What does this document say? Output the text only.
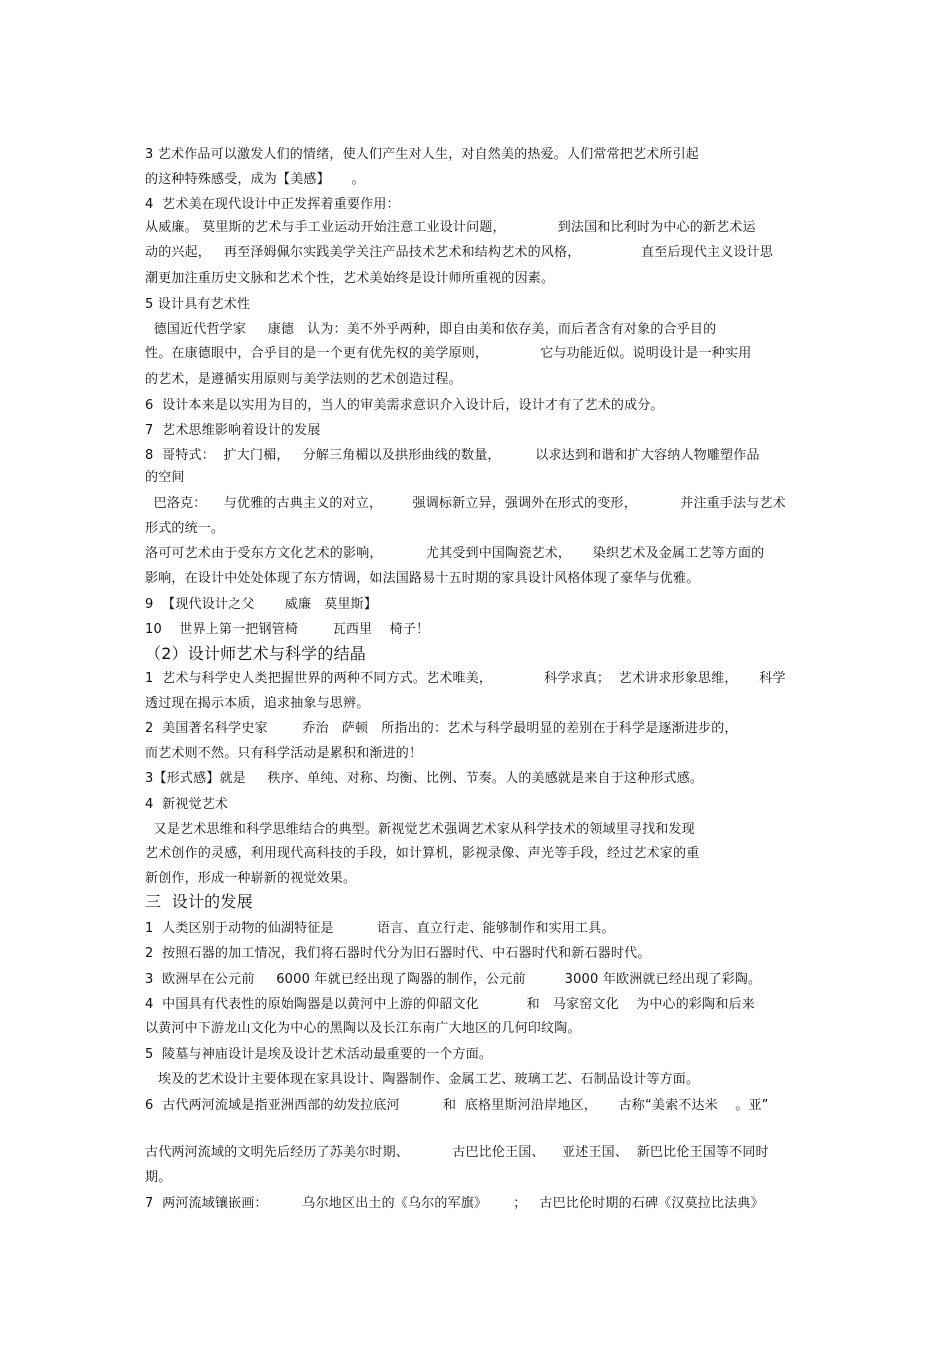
3 艺术作品可以激发人们的情绪，使人们产生对人生，对自然美的热爱。人们常常把艺术所引起
的这种特殊感受，成为【美感】     。
4  艺术美在现代设计中正发挥着重要作用：
从威廉。 莫里斯的艺术与手工业运动开始注意工业设计问题，            到法国和比利时为中心的新艺术运
动的兴起，   再至泽姆佩尔实践美学关注产品技术艺术和结构艺术的风格，              直至后现代主义设计思
潮更加注重历史文脉和艺术个性，艺术美始终是设计师所重视的因素。
5 设计具有艺术性
德国近代哲学家     康德   认为：美不外乎两种，即自由美和依存美，而后者含有对象的合乎目的
性。在康德眼中，合乎目的是一个更有优先权的美学原则，            它与功能近似。说明设计是一种实用
的艺术，是遵循实用原则与美学法则的艺术创造过程。
6  设计本来是以实用为目的，当人的审美需求意识介入设计后，设计才有了艺术的成分。
7  艺术思维影响着设计的发展
8  哥特式：  扩大门楣，   分解三角楣以及拱形曲线的数量，        以求达到和谐和扩大容纳人物雕塑作品
的空间
巴洛克：    与优雅的古典主义的对立，       强调标新立异，强调外在形式的变形，          并注重手法与艺术
形式的统一。
洛可可艺术由于受东方文化艺术的影响，          尤其受到中国陶瓷艺术，     染织艺术及金属工艺等方面的
影响，在设计中处处体现了东方情调，如法国路易十五时期的家具设计风格体现了豪华与优雅。
9  【现代设计之父       威廉   莫里斯】
10    世界上第一把钢管椅        瓦西里    椅子！
（2）设计师艺术与科学的结晶
1  艺术与科学史人类把握世界的两种不同方式。艺术唯美，            科学求真；  艺术讲求形象思维，     科学
透过现在揭示本质，追求抽象与思辨。
2  美国著名科学史家        乔治   萨顿   所指出的：艺术与科学最明显的差别在于科学是逐渐进步的，
而艺术则不然。只有科学活动是累积和渐进的！
3【形式感】就是     秩序、单纯、对称、均衡、比例、节奏。人的美感就是来自于这种形式感。
4  新视觉艺术
又是艺术思维和科学思维结合的典型。新视觉艺术强调艺术家从科学技术的领域里寻找和发现
艺术创作的灵感，利用现代高科技的手段，如计算机，影视录像、声光等手段，经过艺术家的重
新创作，形成一种崭新的视觉效果。
三  设计的发展
1  人类区别于动物的仙湖特征是          语言、直立行走、能够制作和实用工具。
2  按照石器的加工情况，我们将石器时代分为旧石器时代、中石器时代和新石器时代。
3  欧洲早在公元前     6000 年就已经出现了陶器的制作，公元前         3000 年欧洲就已经出现了彩陶。
4  中国具有代表性的原始陶器是以黄河中上游的仰韶文化           和   马家窑文化    为中心的彩陶和后来
以黄河中下游龙山文化为中心的黑陶以及长江东南广大地区的几何印纹陶。
5  陵墓与神庙设计是埃及设计艺术活动最重要的一个方面。
埃及的艺术设计主要体现在家具设计、陶器制作、金属工艺、玻璃工艺、石制品设计等方面。
6  古代两河流域是指亚洲西部的幼发拉底河          和  底格里斯河沿岸地区，     古称“美索不达米    。亚”
古代两河流域的文明先后经历了苏美尔时期、          古巴比伦王国、    亚述王国、  新巴比伦王国等不同时
期。
7  两河流域镶嵌画：        乌尔地区出土的《乌尔的军旗》      ；   古巴比伦时期的石碑《汉莫拉比法典》
